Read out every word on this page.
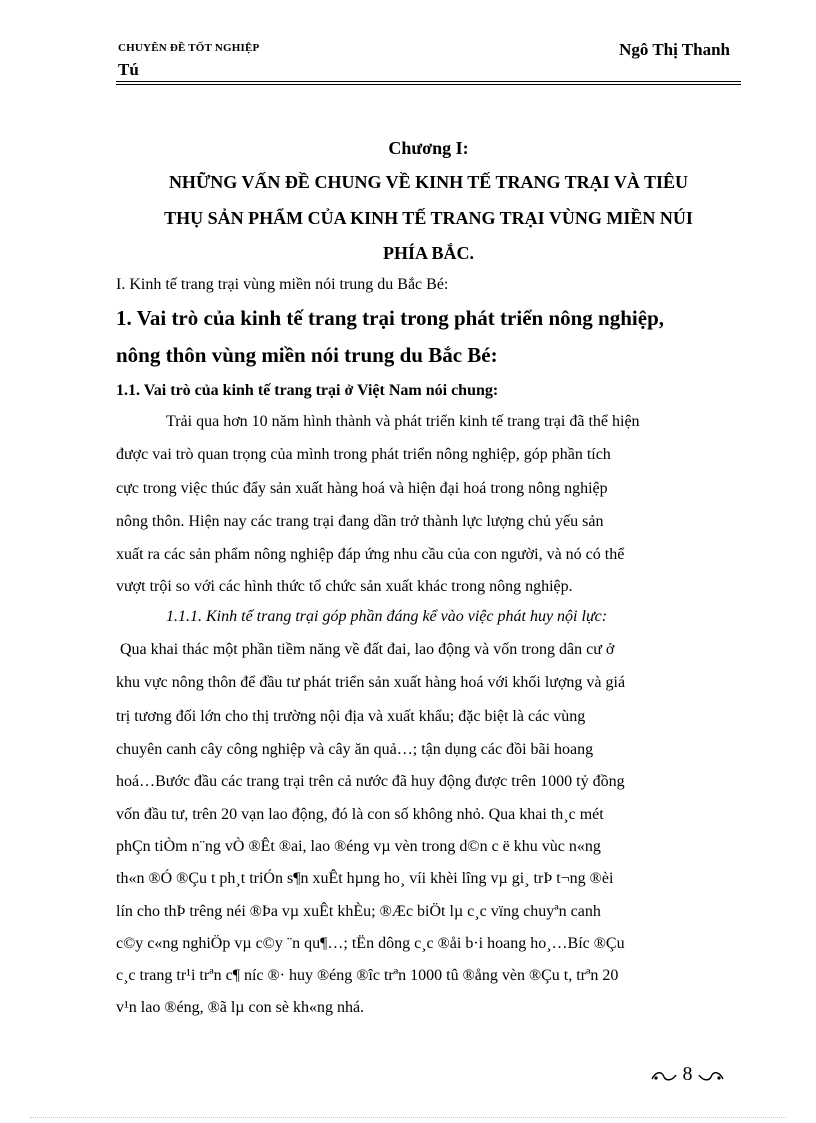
CHUYÊN ĐỀ TỐT NGHIỆP	Ngô Thị Thanh
Tú
Chương I:
NHỮNG VẤN ĐỀ CHUNG VỀ KINH TẾ TRANG TRẠI VÀ TIÊU
THỤ SẢN PHẨM CỦA KINH TẾ TRANG TRẠI VÙNG MIỀN NÚI
PHÍA BẮC.
I. Kinh tế trang trại vùng miền nói trung du Bắc Bé:
1. Vai trò của kinh tế trang trại trong phát triển nông nghiệp,
nông thôn vùng miền nói trung du Bắc Bé:
1.1. Vai trò của kinh tế trang trại ở Việt Nam nói chung:
Trải qua hơn 10 năm hình thành và phát triển kinh tế trang trại đã thể hiện
được vai trò quan trọng của mình trong phát triển nông nghiệp, góp phần tích
cực trong việc thúc đẩy sản xuất hàng hoá và hiện đại hoá trong nông nghiệp
nông thôn. Hiện nay các trang trại đang dần trở thành lực lượng chủ yếu sản
xuất ra các sản phẩm nông nghiệp đáp ứng nhu cầu của con người, và nó có thể
vượt trội so với các hình thức tổ chức sản xuất khác trong nông nghiệp.
1.1.1. Kinh tế trang trại góp phần đáng kể vào việc phát huy nội lực:
Qua khai thác một phần tiềm năng về đất đai, lao động và vốn trong dân cư ở
khu vực nông thôn để đầu tư phát triển sản xuất hàng hoá với khối lượng và giá
trị tương đối lớn cho thị trường nội địa và xuất khẩu; đặc biệt là các vùng
chuyên canh cây công nghiệp và cây ăn quả…; tận dụng các đồi bãi hoang
hoá…Bước đầu các trang trại trên cả nước đã huy động được trên 1000 tỷ đồng
vốn đầu tư, trên 20 vạn lao động, đó là con số không nhỏ. Qua khai th¸c mét
phÇn tiÒm n¨ng vÒ ®Êt ®ai, lao ®éng vµ vèn trong d©n c ë khu vùc n«ng
th«n ®Ó ®Çu t ph¸t triÓn s¶n xuÊt hµng ho¸ víi khèi lîng vµ gi¸ trÞ t¬ng ®èi
lín cho thÞ trêng néi ®Þa vµ xuÊt khÈu; ®Æc biÖt lµ c¸c vïng chuyªn canh
c©y c«ng nghiÖp vµ c©y ¨n qu¶…; tËn dông c¸c ®åi b·i hoang ho¸…Bíc ®Çu
c¸c trang tr¹i trªn c¶ níc ®· huy ®éng ®îc trªn 1000 tû ®ång vèn ®Çu t, trªn 20
v¹n lao ®éng, ®ã lµ con sè kh«ng nhá.
8
